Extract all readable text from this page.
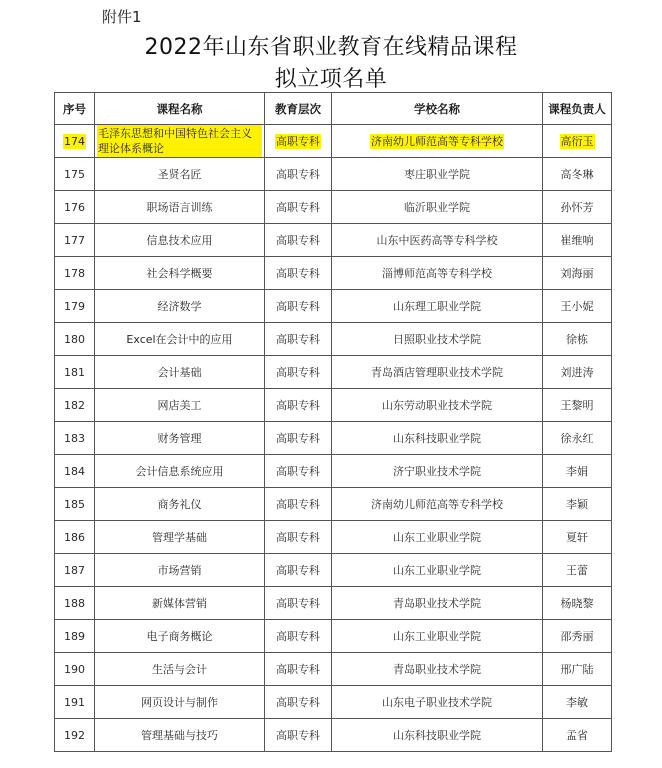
附件1
2022年山东省职业教育在线精品课程
拟立项名单
序号	课程名称	教育层次	学校名称	课程负责人
174	毛泽东思想和中国特色社会主义理论体系概论	高职专科	济南幼儿师范高等专科学校	高衍玉
175	圣贤名匠	高职专科	枣庄职业学院	高冬琳
176	职场语言训练	高职专科	临沂职业学院	孙怀芳
177	信息技术应用	高职专科	山东中医药高等专科学校	崔维响
178	社会科学概要	高职专科	淄博师范高等专科学校	刘海丽
179	经济数学	高职专科	山东理工职业学院	王小妮
180	Excel在会计中的应用	高职专科	日照职业技术学院	徐栋
181	会计基础	高职专科	青岛酒店管理职业技术学院	刘进涛
182	网店美工	高职专科	山东劳动职业技术学院	王黎明
183	财务管理	高职专科	山东科技职业学院	徐永红
184	会计信息系统应用	高职专科	济宁职业技术学院	李娟
185	商务礼仪	高职专科	济南幼儿师范高等专科学校	李颖
186	管理学基础	高职专科	山东工业职业学院	夏轩
187	市场营销	高职专科	山东工业职业学院	王蕾
188	新媒体营销	高职专科	青岛职业技术学院	杨晓黎
189	电子商务概论	高职专科	山东工业职业学院	邵秀丽
190	生活与会计	高职专科	青岛职业技术学院	邢广陆
191	网页设计与制作	高职专科	山东电子职业技术学院	李敏
192	管理基础与技巧	高职专科	山东科技职业学院	孟省
